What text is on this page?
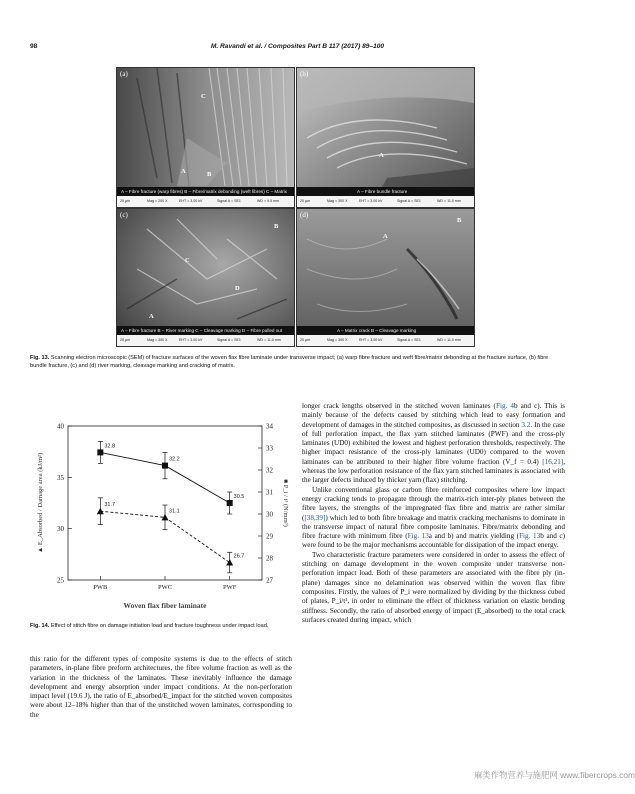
98	M. Ravandi et al. / Composites Part B 117 (2017) 89–100
(a)
A	B
C
A – Fibre fracture (warp fibres) B – Fibre/matrix debonding (weft fibres) C – Matrix
20 µm	Mag = 200 X	EHT = 3.00 kV	Signal A = SE1	WD = 9.5 mm
(b)
A
A – Fibre bundle fracture
20 µm	Mag = 300 X	EHT = 3.00 kV	Signal A = SE1	WD = 11.0 mm
(c)
A
B
C
D
A – Fibre fracture B – River marking C – Cleavage marking D – Fibre pulled out
20 µm	Mag = 300 X	EHT = 3.00 kV	Signal A = SE1	WD = 11.0 mm
(d)
A
B
A – Matrix crack B – Cleavage marking
20 µm	Mag = 300 X	EHT = 3.00 kV	Signal A = SE1	WD = 11.0 mm
Fig. 13. Scanning electron microscopic (SEM) of fracture surfaces of the woven flax fibre laminate under transverse impact; (a) warp fibre fracture and weft fibre/matrix debonding at the fracture surface, (b) fibre bundle fracture, (c) and (d) river marking, cleavage marking and cracking of matrix.
25
30
35
40
27
28
29
30
31
32
33
34
PWB	PWC	PWF
Woven flax fiber laminate
▲ E_Absorbed / Damage area (kJ/m²)	■ P_i / t³ (N/mm³)
31.7
31.1
26.7
32.8
32.2
30.5
Fig. 14. Effect of stitch fibre on damage initiation load and fracture toughness under impact load.

this ratio for the different types of composite systems is due to the effects of stitch parameters, in-plane fibre preform architectures, the fibre volume fraction as well as the variation in the thickness of the laminates. These inevitably influence the damage development and energy absorption under impact conditions. At the non-perforation impact level (19.6 J), the ratio of E_absorbed/E_impact for the stitched woven composites were about 12–18% higher than that of the unstitched woven laminates, corresponding to the

longer crack lengths observed in the stitched woven laminates (Fig. 4b and c). This is mainly because of the defects caused by stitching which lead to easy formation and development of damages in the stitched composites, as discussed in section 3.2. In the case of full perforation impact, the flax yarn stitched laminates (PWF) and the cross-ply laminates (UD0) exhibited the lowest and highest perforation thresholds, respectively. The higher impact resistance of the cross-ply laminates (UD0) compared to the woven laminates can be attributed to their higher fibre volume fraction (V_f = 0.4) [16,21], whereas the low perforation resistance of the flax yarn stitched laminates is associated with the larger defects induced by thicker yarn (flax) stitching.

Unlike conventional glass or carbon fibre reinforced composites where low impact energy cracking tends to propagate through the matrix-rich inter-ply planes between the fibre layers, the strengths of the impregnated flax fibre and matrix are rather similar ([38,39]) which led to both fibre breakage and matrix cracking mechanisms to dominate in the transverse impact of natural fibre composite laminates. Fibre/matrix debonding and fibre fracture with minimum fibre (Fig. 13a and b) and matrix yielding (Fig. 13b and c) were found to be the major mechanisms accountable for dissipation of the impact energy.

Two characteristic fracture parameters were considered in order to assess the effect of stitching on damage development in the woven composite under transverse non-perforation impact load. Both of these parameters are associated with the fibre ply (in-plane) damages since no delamination was observed within the woven flax fibre composites. Firstly, the values of P_i were normalized by dividing by the thickness cubed of plates, P_i/t³, in order to eliminate the effect of thickness variation on elastic bending stiffness. Secondly, the ratio of absorbed energy of impact (E_absorbed) to the total crack surfaces created during impact, which

麻类作物营养与施肥网 www.fibercrops.com
